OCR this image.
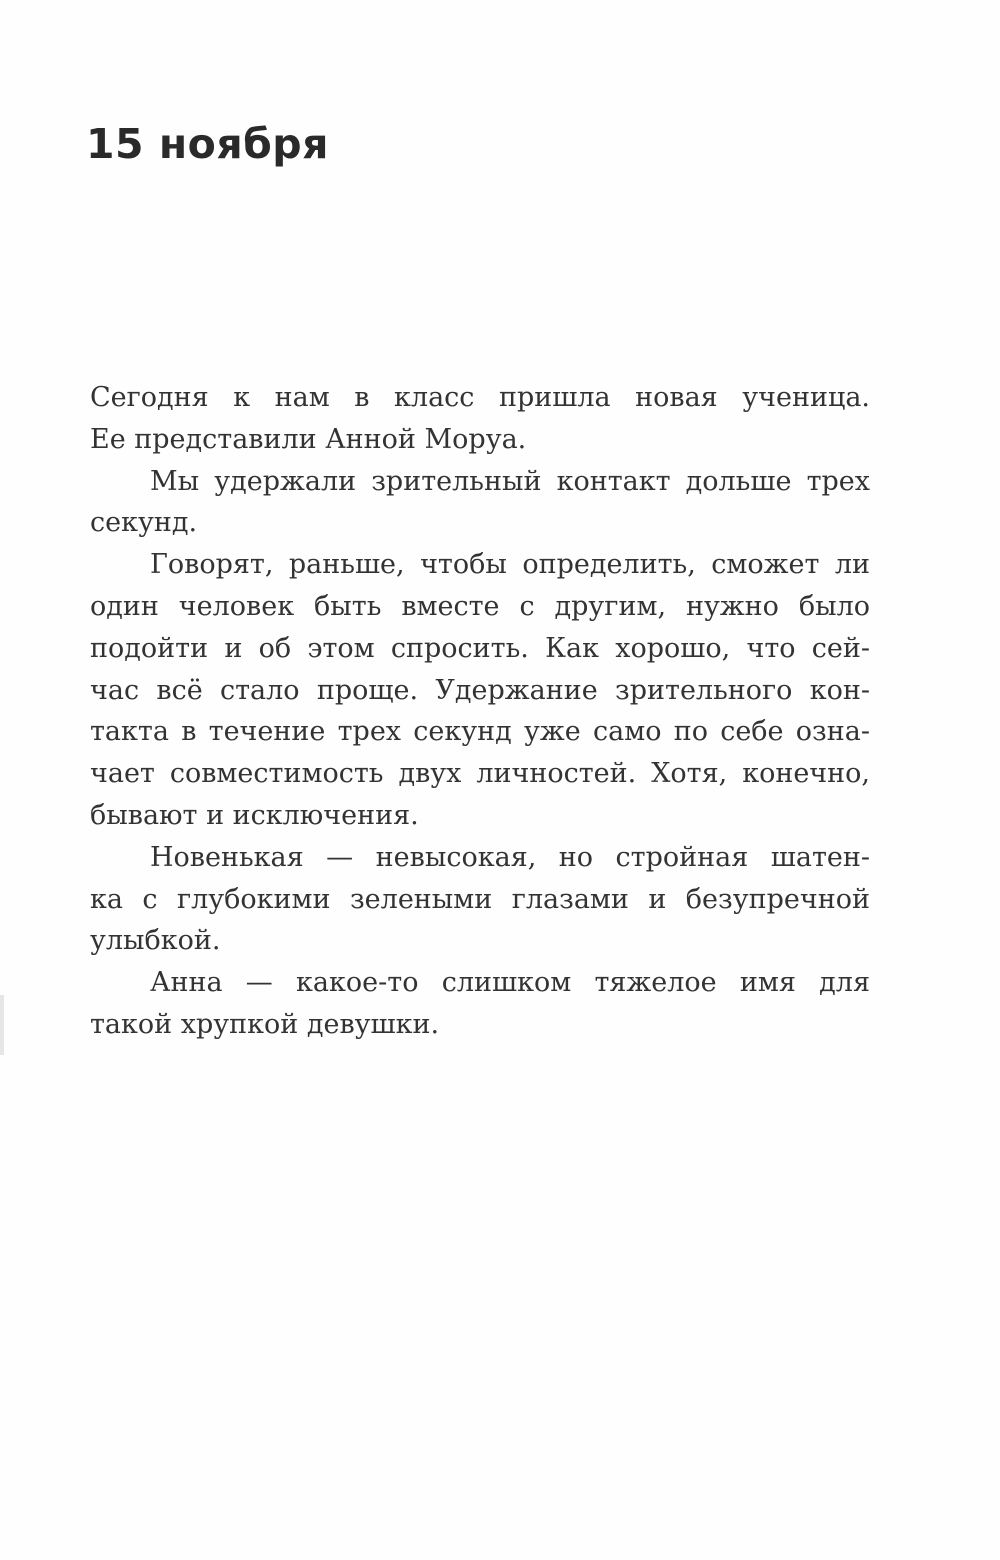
15 ноября
Сегодня к нам в класс пришла новая ученица.
Ее представили Анной Моруа.
Мы удержали зрительный контакт дольше трех
секунд.
Говорят, раньше, чтобы определить, сможет ли
один человек быть вместе с другим, нужно было
подойти и об этом спросить. Как хорошо, что сей-
час всё стало проще. Удержание зрительного кон-
такта в течение трех секунд уже само по себе озна-
чает совместимость двух личностей. Хотя, конечно,
бывают и исключения.
Новенькая — невысокая, но стройная шатен-
ка с глубокими зелеными глазами и безупречной
улыбкой.
Анна — какое-то слишком тяжелое имя для
такой хрупкой девушки.
